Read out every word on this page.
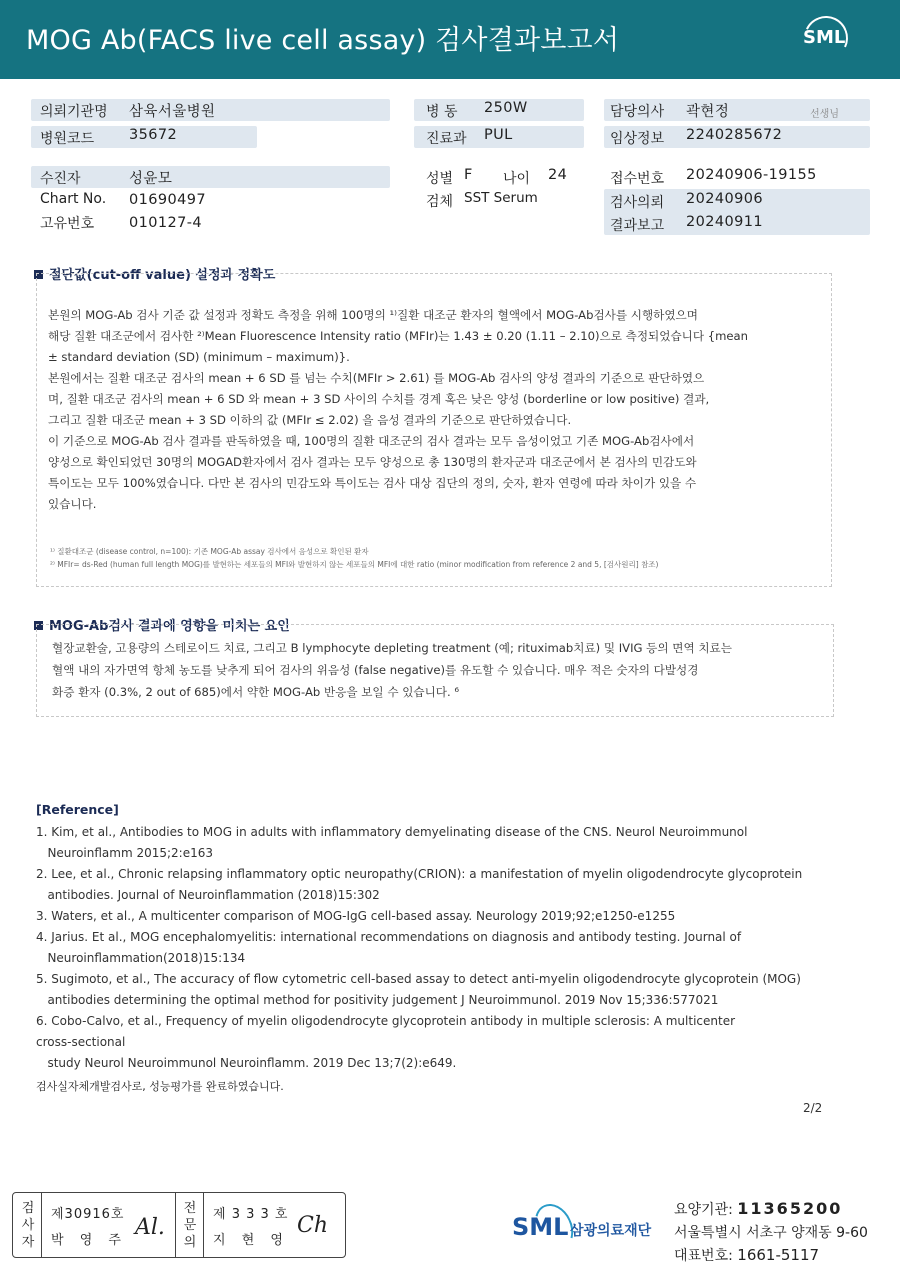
MOG Ab(FACS live cell assay) 검사결과보고서	SML
의뢰기관명 삼육서울병원
병원코드 35672
병 동 250W
진료과 PUL
담당의사 곽현정	선생님
임상정보 2240285672
수진자	성윤모
Chart No. 01690497
고유번호 010127-4
성별 F 나이 24
검체 SST Serum
접수번호 20240906-19155
검사의뢰 20240906
결과보고 20240911
절단값(cut-off value) 설정과 정확도
본원의 MOG-Ab 검사 기준 값 설정과 정확도 측정을 위해 100명의 ¹⁾질환 대조군 환자의 혈액에서 MOG-Ab검사를 시행하였으며
해당 질환 대조군에서 검사한 ²⁾Mean Fluorescence Intensity ratio (MFIr)는 1.43 ± 0.20 (1.11 – 2.10)으로 측정되었습니다 {mean
± standard deviation (SD) (minimum – maximum)}.
본원에서는 질환 대조군 검사의 mean + 6 SD 를 넘는 수치(MFIr > 2.61) 를 MOG-Ab 검사의 양성 결과의 기준으로 판단하였으
며, 질환 대조군 검사의 mean + 6 SD 와 mean + 3 SD 사이의 수치를 경계 혹은 낮은 양성 (borderline or low positive) 결과,
그리고 질환 대조군 mean + 3 SD 이하의 값 (MFIr ≤ 2.02) 을 음성 결과의 기준으로 판단하였습니다.
이 기준으로 MOG-Ab 검사 결과를 판독하였을 때, 100명의 질환 대조군의 검사 결과는 모두 음성이었고 기존 MOG-Ab검사에서
양성으로 확인되었던 30명의 MOGAD환자에서 검사 결과는 모두 양성으로 총 130명의 환자군과 대조군에서 본 검사의 민감도와
특이도는 모두 100%였습니다. 다만 본 검사의 민감도와 특이도는 검사 대상 집단의 정의, 숫자, 환자 연령에 따라 차이가 있을 수
있습니다.
¹⁾ 질환대조군 (disease control, n=100): 기존 MOG-Ab assay 검사에서 음성으로 확인된 환자
²⁾ MFIr= ds-Red (human full length MOG)를 발현하는 세포들의 MFI와 발현하지 않는 세포들의 MFI에 대한 ratio (minor modification from reference 2 and 5, [검사원리] 참조)
MOG-Ab검사 결과에 영향을 미치는 요인
혈장교환술, 고용량의 스테로이드 치료, 그리고 B lymphocyte depleting treatment (예; rituximab치료) 및 IVIG 등의 면역 치료는
혈액 내의 자가면역 항체 농도를 낮추게 되어 검사의 위음성 (false negative)를 유도할 수 있습니다. 매우 적은 숫자의 다발성경
화증 환자 (0.3%, 2 out of 685)에서 약한 MOG-Ab 반응을 보일 수 있습니다. ⁶
[Reference]
1. Kim, et al., Antibodies to MOG in adults with inflammatory demyelinating disease of the CNS. Neurol Neuroimmunol
Neuroinflamm 2015;2:e163
2. Lee, et al., Chronic relapsing inflammatory optic neuropathy(CRION): a manifestation of myelin oligodendrocyte glycoprotein
antibodies. Journal of Neuroinflammation (2018)15:302
3. Waters, et al., A multicenter comparison of MOG-IgG cell-based assay. Neurology 2019;92;e1250-e1255
4. Jarius. Et al., MOG encephalomyelitis: international recommendations on diagnosis and antibody testing. Journal of
Neuroinflammation(2018)15:134
5. Sugimoto, et al., The accuracy of flow cytometric cell-based assay to detect anti-myelin oligodendrocyte glycoprotein (MOG)
antibodies determining the optimal method for positivity judgement J Neuroimmunol. 2019 Nov 15;336:577021
6. Cobo-Calvo, et al., Frequency of myelin oligodendrocyte glycoprotein antibody in multiple sclerosis: A multicenter
cross-sectional
study Neurol Neuroimmunol Neuroinflamm. 2019 Dec 13;7(2):e649.
검사실자체개발검사로, 성능평가를 완료하였습니다.
2/2
검
사
자
제30916호
박 영 주
Al.
전
문
의
제 3 3 3 호
지 현 영
Ch	SML 삼광의료재단
요양기관: 11365200
서울특별시 서초구 양재동 9-60
대표번호: 1661-5117
